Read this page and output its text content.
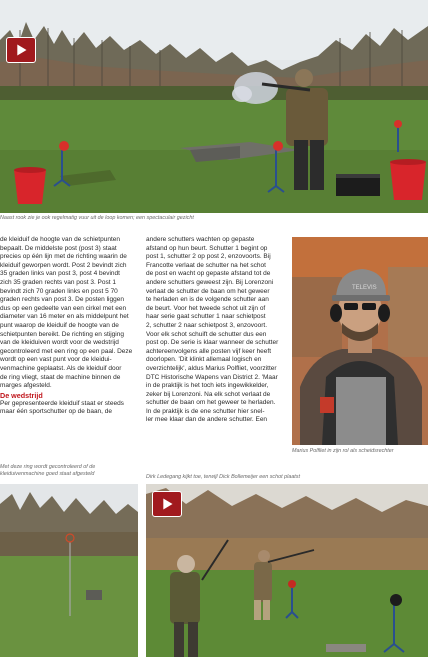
Naast rook zie je ook regelmatig vuur uit de loop komen; een spectaculair gezicht
de kleiduif de hoogte van de schietpunten
bepaalt. De middelste post (post 3) staat
precies op één lijn met de richting waarin de
kleiduif geworpen wordt. Post 2 bevindt zich
35 graden links van post 3, post 4 bevindt
zich 35 graden rechts van post 3. Post 1
bevindt zich 70 graden links en post 5 70
graden rechts van post 3. De posten liggen
dus op een gedeelte van een cirkel met een
diameter van 16 meter en als middelpunt het
punt waarop de kleiduif de hoogte van de
schietpunten bereikt. De richting en stijging
van de kleiduiven wordt voor de wedstrijd
gecontroleerd met een ring op een paal. Deze
wordt op een vast punt voor de kleidui-
venmachine geplaatst. Als de kleiduif door
de ring vliegt, staat de machine binnen de
marges afgesteld.
De wedstrijd
Per gepresenteerde kleiduif staat er steeds
maar één sportschutter op de baan, de
andere schutters wachten op gepaste
afstand op hun beurt. Schutter 1 begint op
post 1, schutter 2 op post 2, enzovoorts. Bij
Francotte verlaat de schutter na het schot
de post en wacht op gepaste afstand tot de
andere schutters geweest zijn. Bij Lorenzoni
verlaat de schutter de baan om het geweer
te herladen en is de volgende schutter aan
de beurt. Voor het tweede schot uit zijn of
haar serie gaat schutter 1 naar schietpost
2, schutter 2 naar schietpost 3, enzovoort.
Voor elk schot schuift de schutter dus een
post op. De serie is klaar wanneer de schutter
achtereenvolgens alle posten vijf keer heeft
doorlopen. 'Dit klinkt allemaal logisch en
overzichtelijk', aldus Marius Polfliet, voorzitter
DTC Historische Wapens van District 2. 'Maar
in de praktijk is het toch iets ingewikkelder,
zeker bij Lorenzoni. Na elk schot verlaat de
schutter de baan om het geweer te herladen.
In de praktijk is de ene schutter hier snel-
ler mee klaar dan de andere schutter. Een
TELEVIS
Marius Polfliet in zijn rol als scheidsrechter
Met deze ring wordt gecontroleerd of de kleiduivenmachine goed staat afgesteld	Dirk Ledegang kijkt toe, terwijl Dick Bollemeijer een schot plaatst
